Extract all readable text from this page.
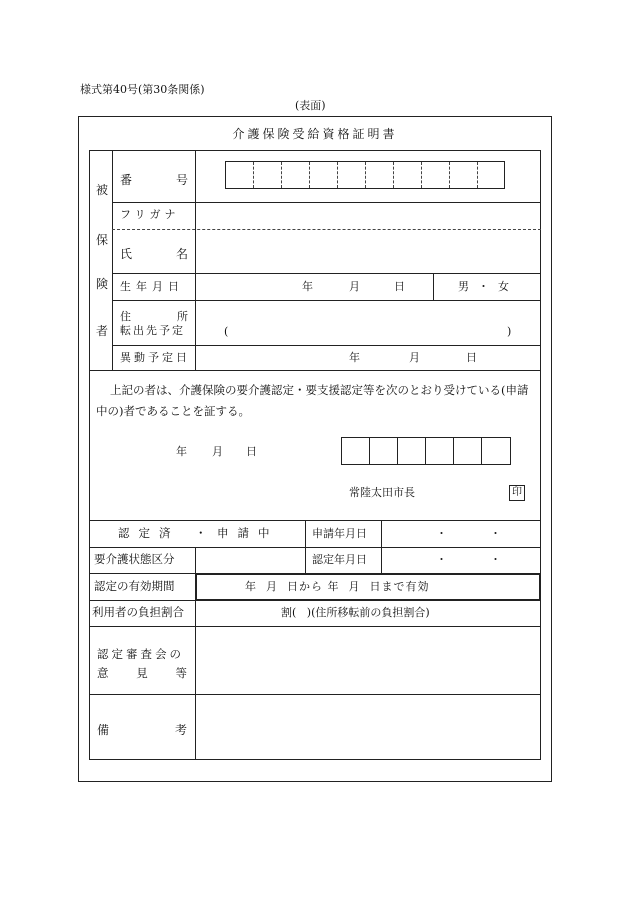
様式第40号(第30条関係)
(表面)
介護保険受給資格証明書
被
保
険
者
番	号
フリガナ
氏	名
生年月日	年	月	日	男・女
住	所
転出先予定	(	)
異動予定日	年	月	日
上記の者は、介護保険の要介護認定・要支援認定等を次のとおり受けている(申請
中の)者であることを証する。
年 月 日
常陸太田市長	印
認定済 ・ 申請中	申請年月日	・  ・
要介護状態区分	認定年月日	・  ・
認定の有効期間	年  月  日から 年  月  日まで有効
利用者の負担割合	割(   )(住所移転前の負担割合)
認定審査会の
意 見 等
備	考
